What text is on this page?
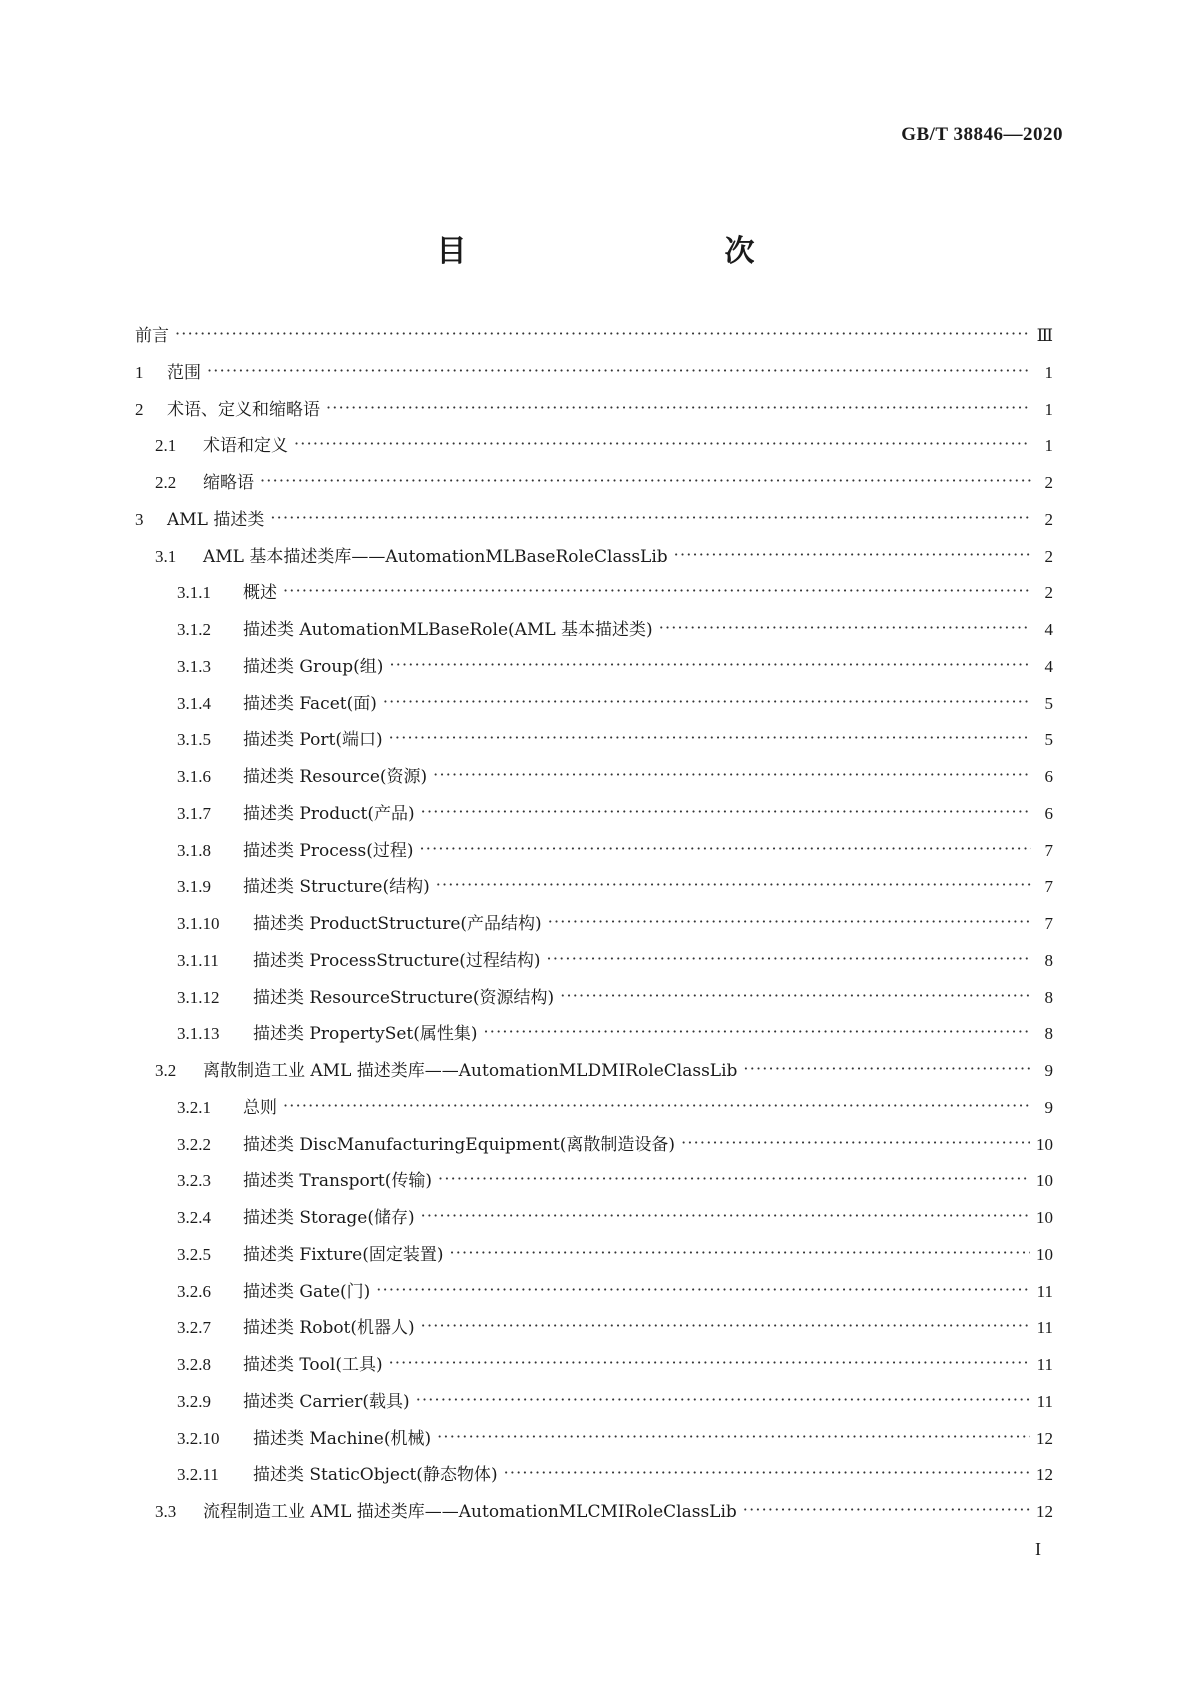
GB/T 38846—2020
目　　次
前言 ·····	Ⅲ
1	范围 ·····	1
2	术语、定义和缩略语 ·····	1
2.1	术语和定义 ·····	1
2.2	缩略语 ·····	2
3	AML 描述类 ·····	2
3.1	AML 基本描述类库——AutomationMLBaseRoleClassLib ·····	2
3.1.1	概述 ·····	2
3.1.2	描述类 AutomationMLBaseRole(AML 基本描述类) ·····	4
3.1.3	描述类 Group(组) ·····	4
3.1.4	描述类 Facet(面) ·····	5
3.1.5	描述类 Port(端口) ·····	5
3.1.6	描述类 Resource(资源) ·····	6
3.1.7	描述类 Product(产品) ·····	6
3.1.8	描述类 Process(过程) ·····	7
3.1.9	描述类 Structure(结构) ·····	7
3.1.10	描述类 ProductStructure(产品结构) ·····	7
3.1.11	描述类 ProcessStructure(过程结构) ·····	8
3.1.12	描述类 ResourceStructure(资源结构) ·····	8
3.1.13	描述类 PropertySet(属性集) ·····	8
3.2	离散制造工业 AML 描述类库——AutomationMLDMIRoleClassLib ·····	9
3.2.1	总则 ·····	9
3.2.2	描述类 DiscManufacturingEquipment(离散制造设备) ·····	10
3.2.3	描述类 Transport(传输) ·····	10
3.2.4	描述类 Storage(储存) ·····	10
3.2.5	描述类 Fixture(固定装置) ·····	10
3.2.6	描述类 Gate(门) ·····	11
3.2.7	描述类 Robot(机器人) ·····	11
3.2.8	描述类 Tool(工具) ·····	11
3.2.9	描述类 Carrier(载具) ·····	11
3.2.10	描述类 Machine(机械) ·····	12
3.2.11	描述类 StaticObject(静态物体) ·····	12
3.3	流程制造工业 AML 描述类库——AutomationMLCMIRoleClassLib ·····	12
I
